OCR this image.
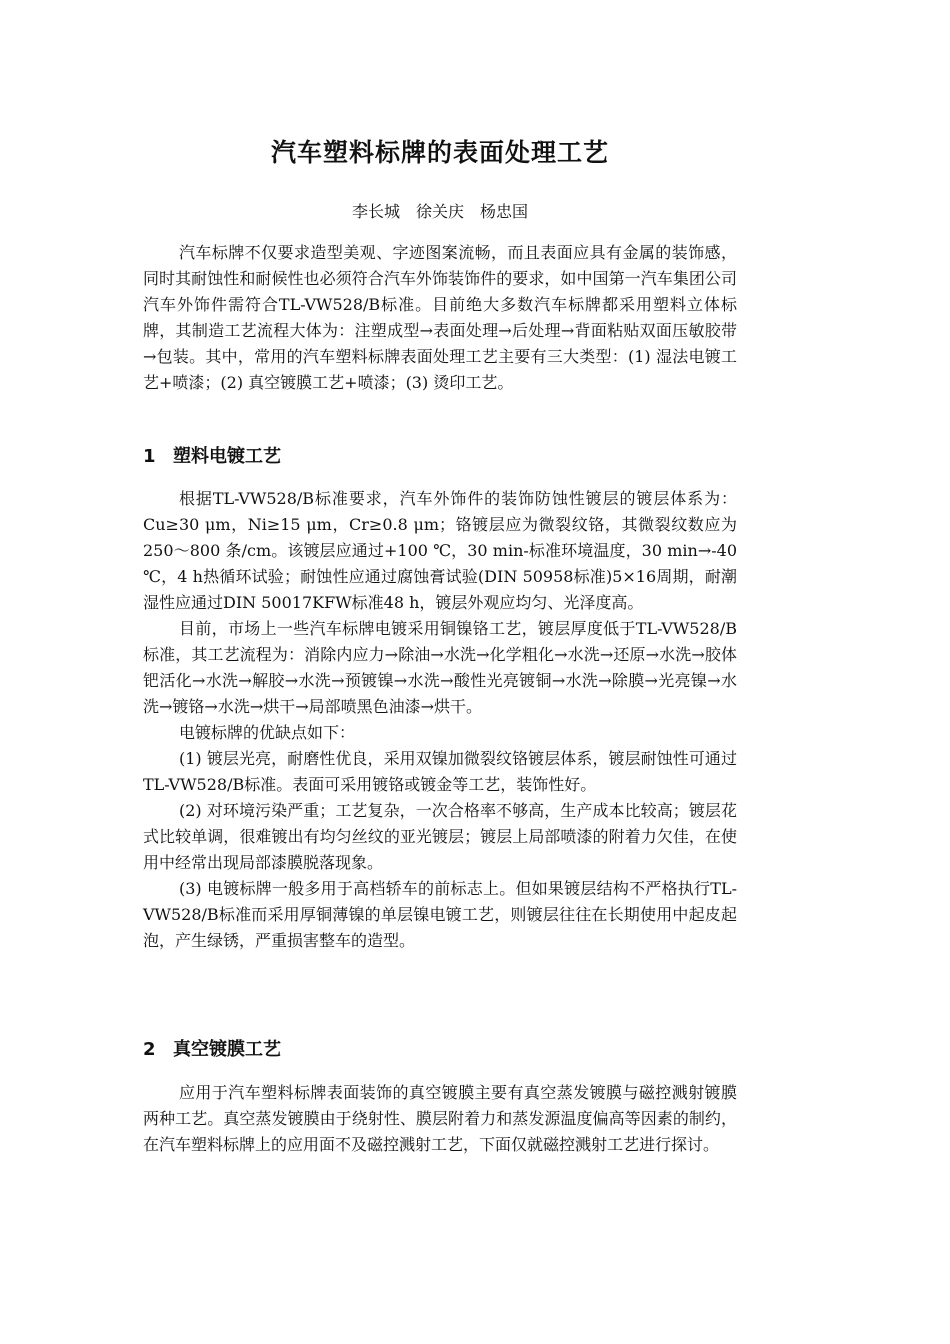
汽车塑料标牌的表面处理工艺
李长城　徐关庆　杨忠国

汽车标牌不仅要求造型美观、字迹图案流畅，而且表面应具有金属的装饰感，同时其耐蚀性和耐候性也必须符合汽车外饰装饰件的要求，如中国第一汽车集团公司汽车外饰件需符合TL-VW528/B标准。目前绝大多数汽车标牌都采用塑料立体标牌，其制造工艺流程大体为：注塑成型→表面处理→后处理→背面粘贴双面压敏胶带→包装。其中，常用的汽车塑料标牌表面处理工艺主要有三大类型：(1) 湿法电镀工艺+喷漆；(2) 真空镀膜工艺+喷漆；(3) 烫印工艺。

1 塑料电镀工艺

根据TL-VW528/B标准要求，汽车外饰件的装饰防蚀性镀层的镀层体系为：Cu≥30 μm，Ni≥15 μm，Cr≥0.8 μm；铬镀层应为微裂纹铬，其微裂纹数应为250～800 条/cm。该镀层应通过+100 ℃，30 min-标准环境温度，30 min→-40 ℃，4 h热循环试验；耐蚀性应通过腐蚀膏试验(DIN 50958标准)5×16周期，耐潮湿性应通过DIN 50017KFW标准48 h，镀层外观应均匀、光泽度高。

目前，市场上一些汽车标牌电镀采用铜镍铬工艺，镀层厚度低于TL-VW528/B标准，其工艺流程为：消除内应力→除油→水洗→化学粗化→水洗→还原→水洗→胶体钯活化→水洗→解胶→水洗→预镀镍→水洗→酸性光亮镀铜→水洗→除膜→光亮镍→水洗→镀铬→水洗→烘干→局部喷黑色油漆→烘干。

电镀标牌的优缺点如下：

(1) 镀层光亮，耐磨性优良，采用双镍加微裂纹铬镀层体系，镀层耐蚀性可通过TL-VW528/B标准。表面可采用镀铬或镀金等工艺，装饰性好。

(2) 对环境污染严重；工艺复杂，一次合格率不够高，生产成本比较高；镀层花式比较单调，很难镀出有均匀丝纹的亚光镀层；镀层上局部喷漆的附着力欠佳，在使用中经常出现局部漆膜脱落现象。

(3) 电镀标牌一般多用于高档轿车的前标志上。但如果镀层结构不严格执行TL-VW528/B标准而采用厚铜薄镍的单层镍电镀工艺，则镀层往往在长期使用中起皮起泡，产生绿锈，严重损害整车的造型。

2 真空镀膜工艺

应用于汽车塑料标牌表面装饰的真空镀膜主要有真空蒸发镀膜与磁控溅射镀膜两种工艺。真空蒸发镀膜由于绕射性、膜层附着力和蒸发源温度偏高等因素的制约，在汽车塑料标牌上的应用面不及磁控溅射工艺，下面仅就磁控溅射工艺进行探讨。
